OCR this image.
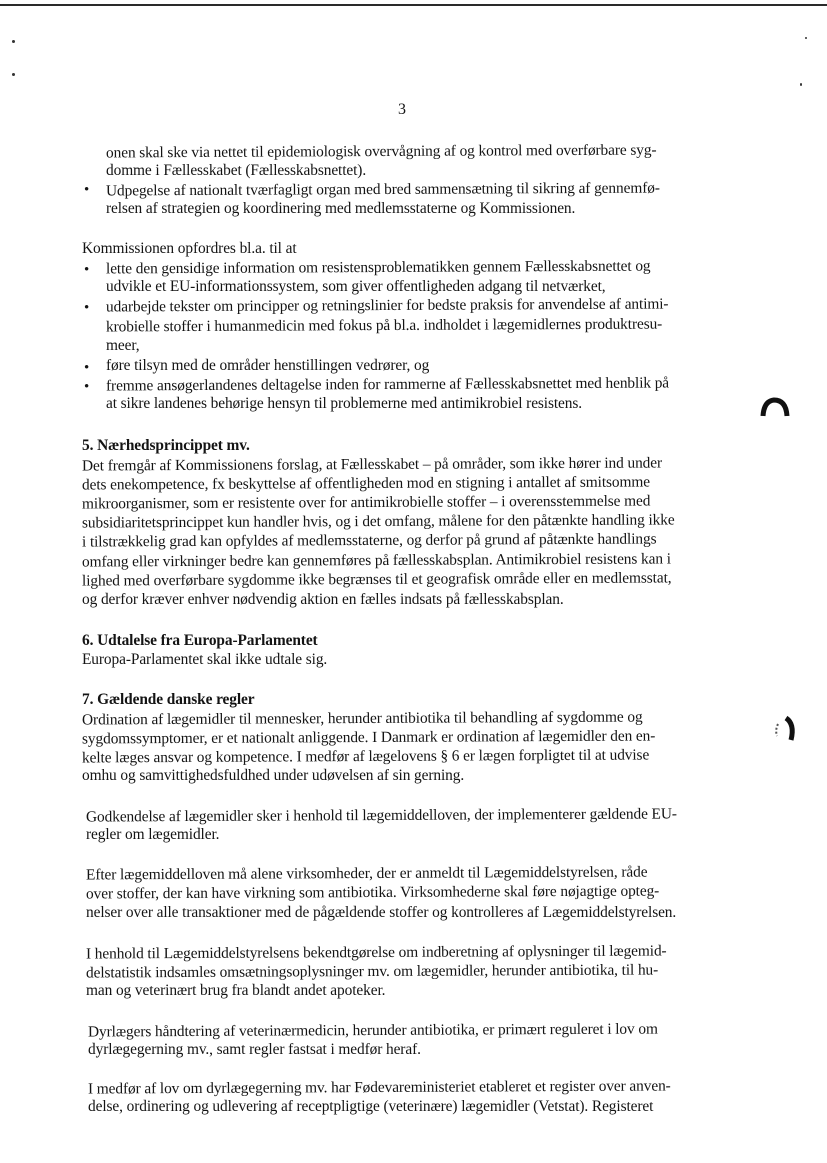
3
onen skal ske via nettet til epidemiologisk overvågning af og kontrol med overførbare syg-
domme i Fællesskabet (Fællesskabsnettet).
• Udpegelse af nationalt tværfagligt organ med bred sammensætning til sikring af gennemfø-
relsen af strategien og koordinering med medlemsstaterne og Kommissionen.
Kommissionen opfordres bl.a. til at
• lette den gensidige information om resistensproblematikken gennem Fællesskabsnettet og
udvikle et EU-informationssystem, som giver offentligheden adgang til netværket,
• udarbejde tekster om principper og retningslinier for bedste praksis for anvendelse af antimi-
krobielle stoffer i humanmedicin med fokus på bl.a. indholdet i lægemidlernes produktresu-
meer,
• føre tilsyn med de områder henstillingen vedrører, og
• fremme ansøgerlandenes deltagelse inden for rammerne af Fællesskabsnettet med henblik på
at sikre landenes behørige hensyn til problemerne med antimikrobiel resistens.
5. Nærhedsprincippet mv.
Det fremgår af Kommissionens forslag, at Fællesskabet – på områder, som ikke hører ind under
dets enekompetence, fx beskyttelse af offentligheden mod en stigning i antallet af smitsomme
mikroorganismer, som er resistente over for antimikrobielle stoffer – i overensstemmelse med
subsidiaritetsprincippet kun handler hvis, og i det omfang, målene for den påtænkte handling ikke
i tilstrækkelig grad kan opfyldes af medlemsstaterne, og derfor på grund af påtænkte handlings
omfang eller virkninger bedre kan gennemføres på fællesskabsplan. Antimikrobiel resistens kan i
lighed med overførbare sygdomme ikke begrænses til et geografisk område eller en medlemsstat,
og derfor kræver enhver nødvendig aktion en fælles indsats på fællesskabsplan.
6. Udtalelse fra Europa-Parlamentet
Europa-Parlamentet skal ikke udtale sig.
7. Gældende danske regler
Ordination af lægemidler til mennesker, herunder antibiotika til behandling af sygdomme og
sygdomssymptomer, er et nationalt anliggende. I Danmark er ordination af lægemidler den en-
kelte læges ansvar og kompetence. I medfør af lægelovens § 6 er lægen forpligtet til at udvise
omhu og samvittighedsfuldhed under udøvelsen af sin gerning.
Godkendelse af lægemidler sker i henhold til lægemiddelloven, der implementerer gældende EU-
regler om lægemidler.
Efter lægemiddelloven må alene virksomheder, der er anmeldt til Lægemiddelstyrelsen, råde
over stoffer, der kan have virkning som antibiotika. Virksomhederne skal føre nøjagtige opteg-
nelser over alle transaktioner med de pågældende stoffer og kontrolleres af Lægemiddelstyrelsen.
I henhold til Lægemiddelstyrelsens bekendtgørelse om indberetning af oplysninger til lægemid-
delstatistik indsamles omsætningsoplysninger mv. om lægemidler, herunder antibiotika, til hu-
man og veterinært brug fra blandt andet apoteker.
Dyrlægers håndtering af veterinærmedicin, herunder antibiotika, er primært reguleret i lov om
dyrlægegerning mv., samt regler fastsat i medfør heraf.
I medfør af lov om dyrlægegerning mv. har Fødevareministeriet etableret et register over anven-
delse, ordinering og udlevering af receptpligtige (veterinære) lægemidler (Vetstat). Registeret
